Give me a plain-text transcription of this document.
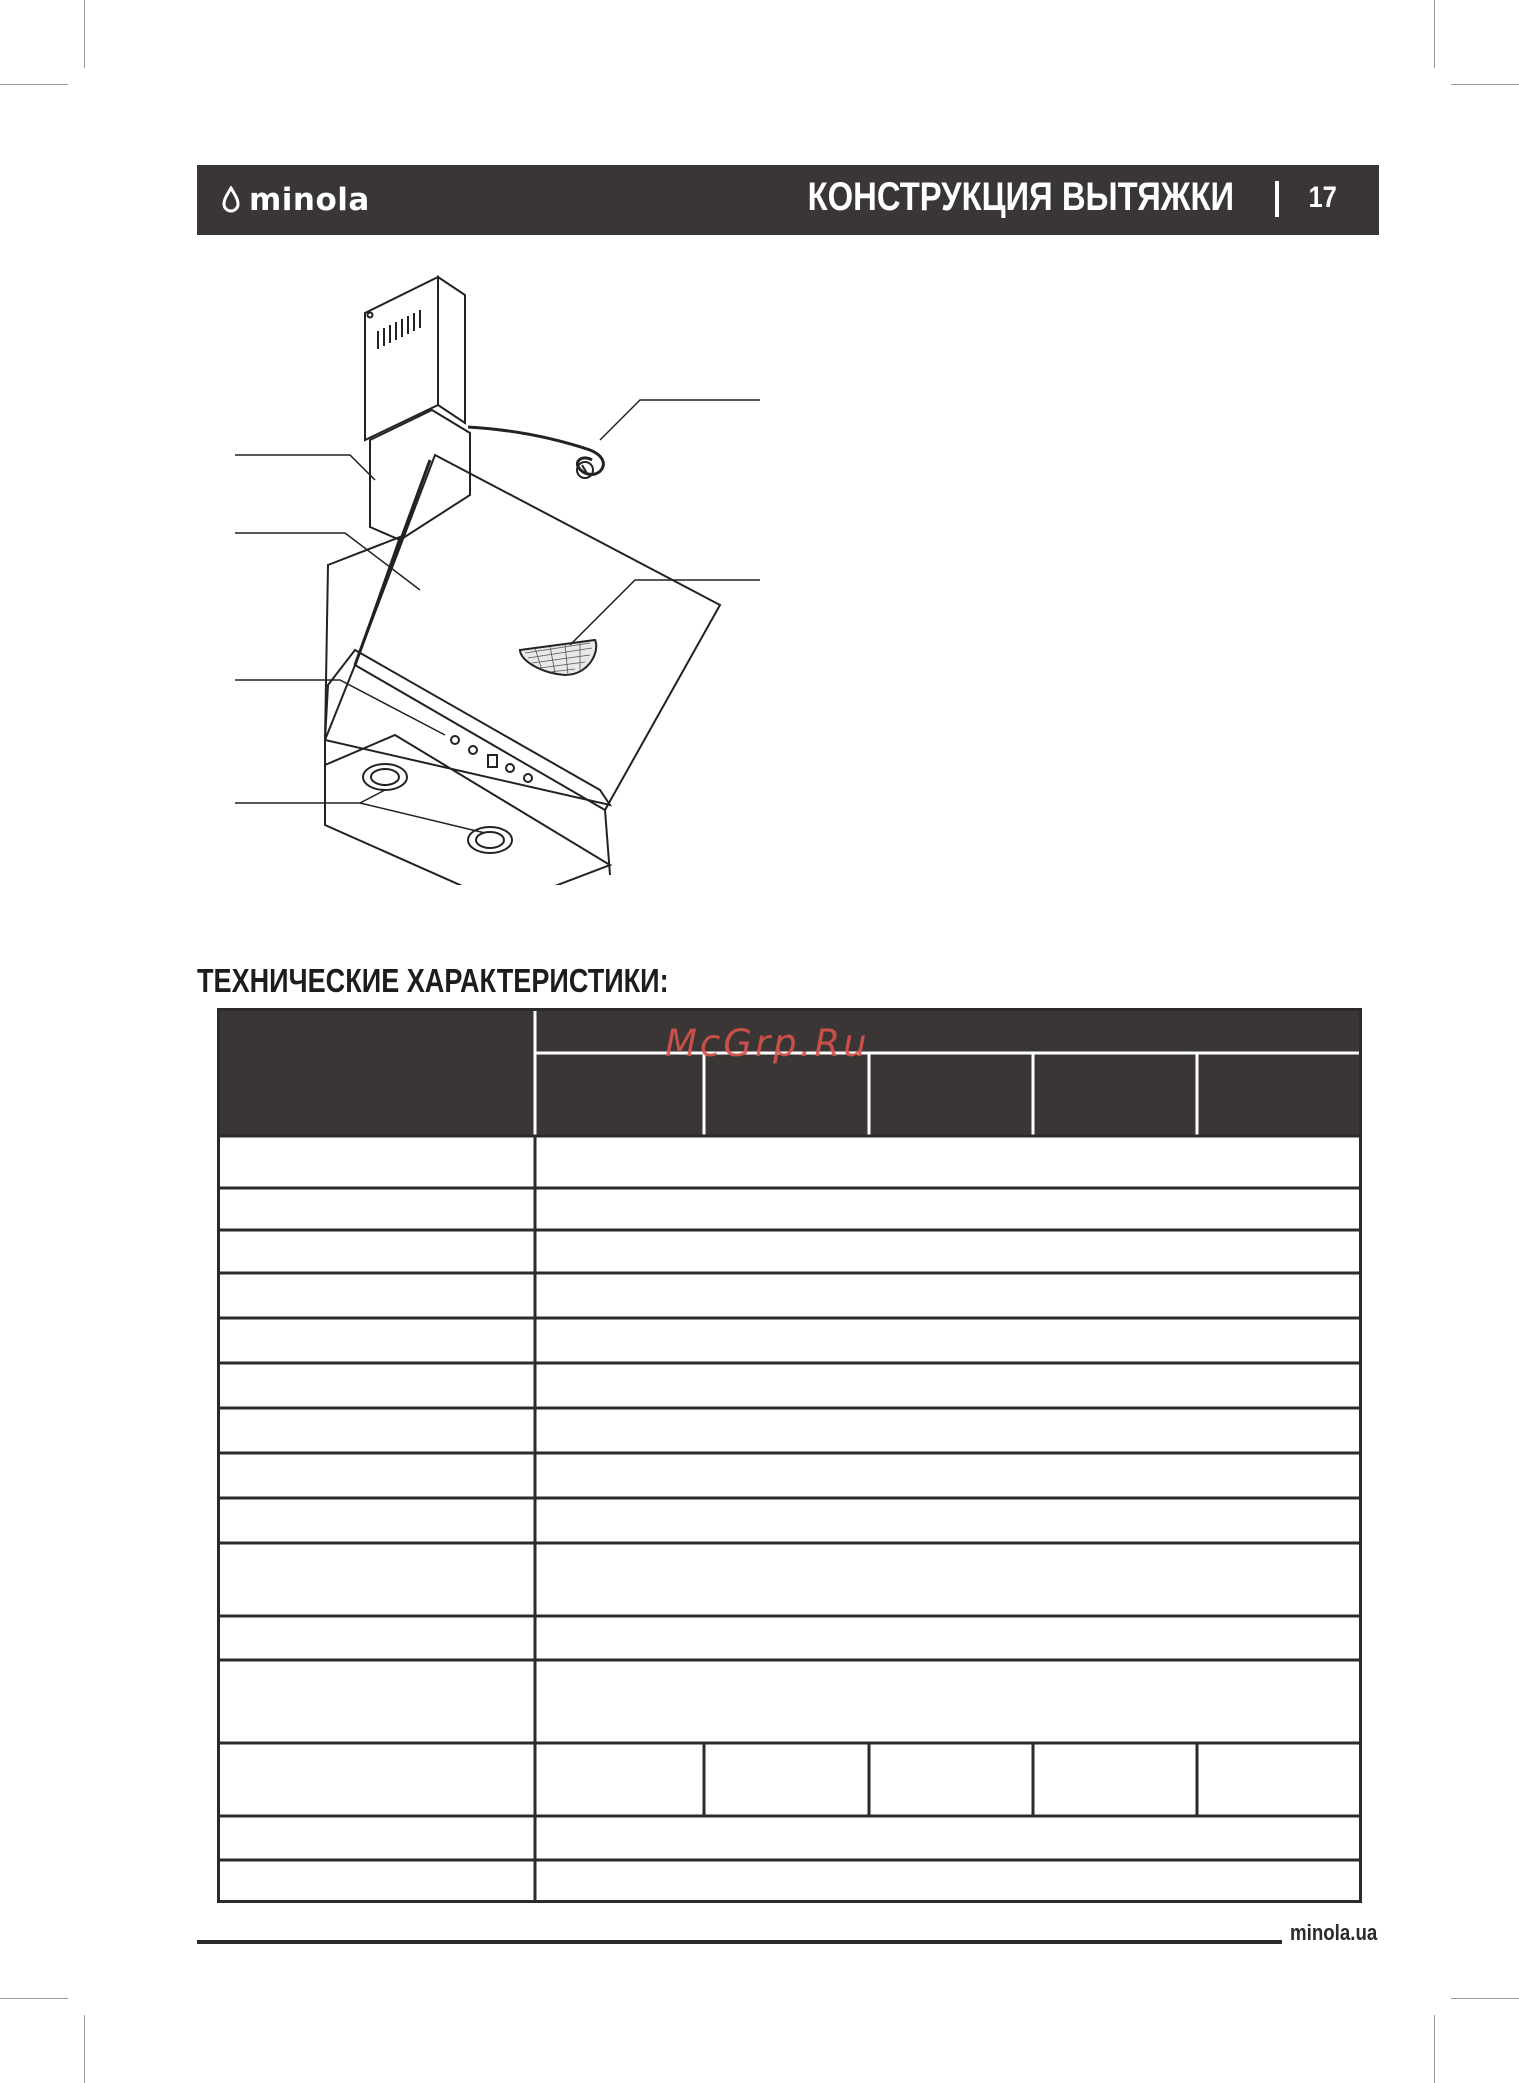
minola	КОНСТРУКЦИЯ ВЫТЯЖКИ 17
ТЕХНИЧЕСКИЕ ХАРАКТЕРИСТИКИ:
McGrp.Ru
minola.ua
